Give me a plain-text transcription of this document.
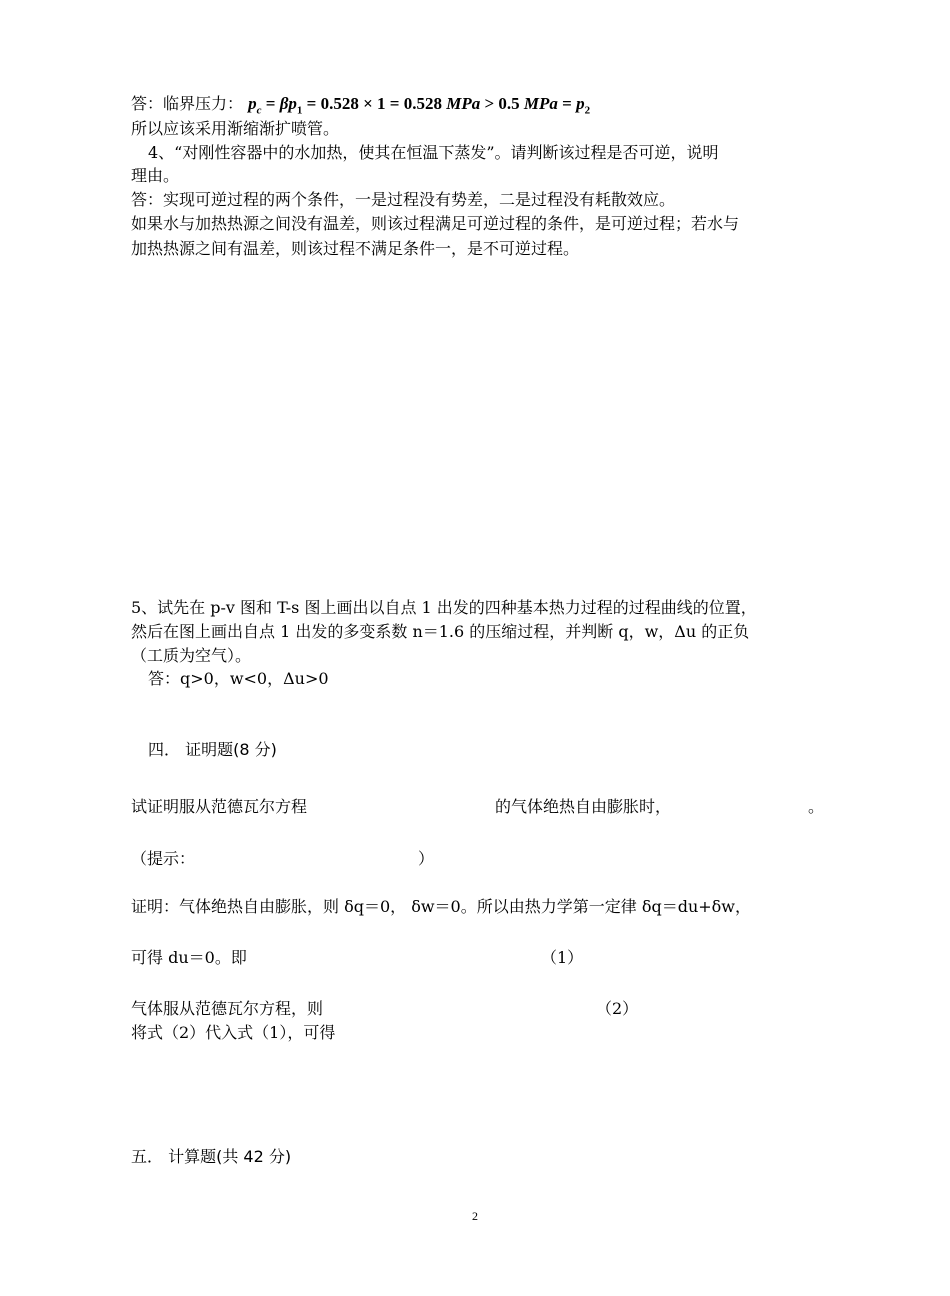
答：临界压力： $p_c = \beta p_1 = 0.528 \times 1 = 0.528$ MPa > 0.5 MPa = $p_2$
所以应该采用渐缩渐扩喷管。
4、“对刚性容器中的水加热，使其在恒温下蒸发”。请判断该过程是否可逆，说明
理由。
答：实现可逆过程的两个条件，一是过程没有势差，二是过程没有耗散效应。
如果水与加热热源之间没有温差，则该过程满足可逆过程的条件，是可逆过程；若水与
加热热源之间有温差，则该过程不满足条件一，是不可逆过程。
5、试先在 p-v 图和 T-s 图上画出以自点 1 出发的四种基本热力过程的过程曲线的位置，
然后在图上画出自点 1 出发的多变系数 n＝1.6 的压缩过程，并判断 q，w，Δu 的正负
（工质为空气）。
答：q>0，w<0，Δu>0
四． 证明题(8 分)
试证明服从范德瓦尔方程	的气体绝热自由膨胀时，	。
（提示：	）
证明：气体绝热自由膨胀，则 δq＝0， δw＝0。所以由热力学第一定律 δq＝du+δw，
可得 du＝0。即	（1）
气体服从范德瓦尔方程，则	（2）
将式（2）代入式（1），可得
五． 计算题(共 42 分)
2
